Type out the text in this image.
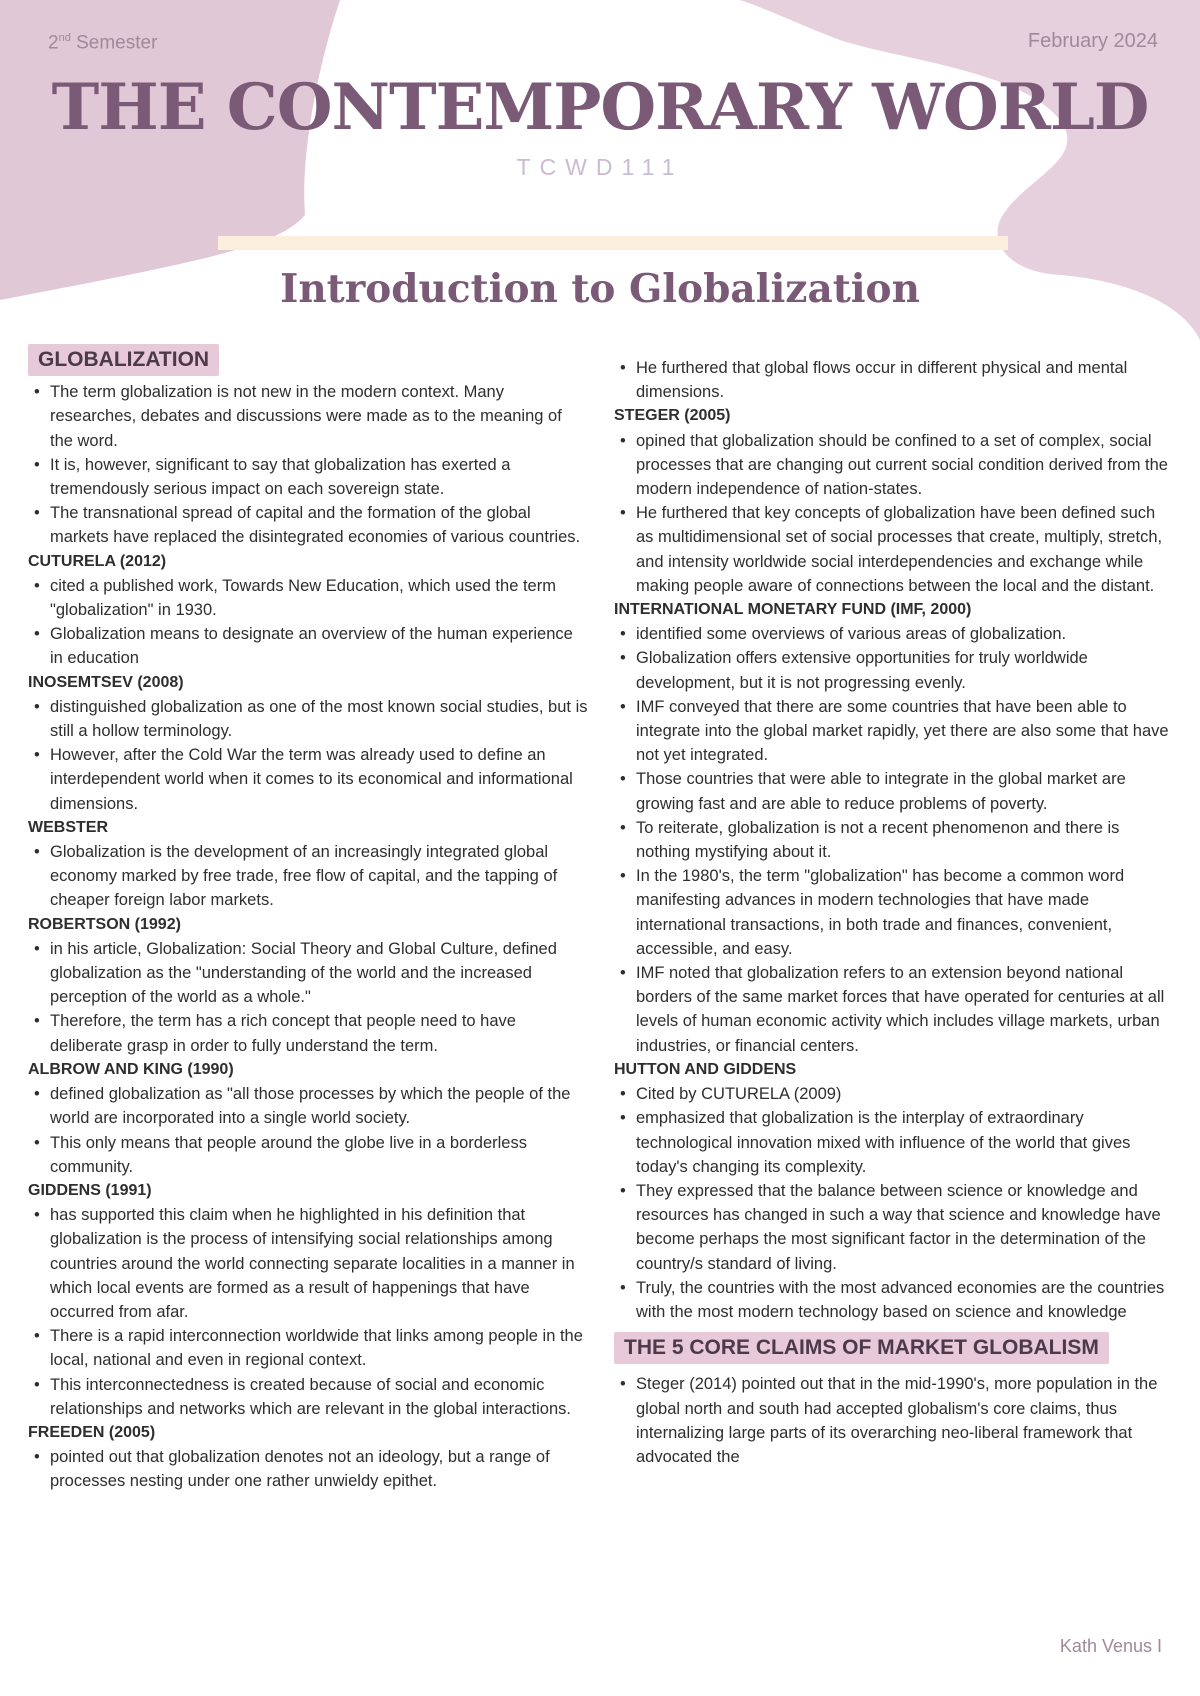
2nd Semester	February 2024
THE CONTEMPORARY WORLD
TCWD111
Introduction to Globalization
GLOBALIZATION
• The term globalization is not new in the modern context. Many researches, debates and discussions were made as to the meaning of the word.
• It is, however, significant to say that globalization has exerted a tremendously serious impact on each sovereign state.
• The transnational spread of capital and the formation of the global markets have replaced the disintegrated economies of various countries.
CUTURELA (2012)
• cited a published work, Towards New Education, which used the term "globalization" in 1930.
• Globalization means to designate an overview of the human experience in education
INOSEMTSEV (2008)
• distinguished globalization as one of the most known social studies, but is still a hollow terminology.
• However, after the Cold War the term was already used to define an interdependent world when it comes to its economical and informational dimensions.
WEBSTER
• Globalization is the development of an increasingly integrated global economy marked by free trade, free flow of capital, and the tapping of cheaper foreign labor markets.
ROBERTSON (1992)
• in his article, Globalization: Social Theory and Global Culture, defined globalization as the "understanding of the world and the increased perception of the world as a whole."
• Therefore, the term has a rich concept that people need to have deliberate grasp in order to fully understand the term.
ALBROW AND KING (1990)
• defined globalization as "all those processes by which the people of the world are incorporated into a single world society.
• This only means that people around the globe live in a borderless community.
GIDDENS (1991)
• has supported this claim when he highlighted in his definition that globalization is the process of intensifying social relationships among countries around the world connecting separate localities in a manner in which local events are formed as a result of happenings that have occurred from afar.
• There is a rapid interconnection worldwide that links among people in the local, national and even in regional context.
• This interconnectedness is created because of social and economic relationships and networks which are relevant in the global interactions.
FREEDEN (2005)
• pointed out that globalization denotes not an ideology, but a range of processes nesting under one rather unwieldy epithet.
• He furthered that global flows occur in different physical and mental dimensions.
STEGER (2005)
• opined that globalization should be confined to a set of complex, social processes that are changing out current social condition derived from the modern independence of nation-states.
• He furthered that key concepts of globalization have been defined such as multidimensional set of social processes that create, multiply, stretch, and intensity worldwide social interdependencies and exchange while making people aware of connections between the local and the distant.
INTERNATIONAL MONETARY FUND (IMF, 2000)
• identified some overviews of various areas of globalization.
• Globalization offers extensive opportunities for truly worldwide development, but it is not progressing evenly.
• IMF conveyed that there are some countries that have been able to integrate into the global market rapidly, yet there are also some that have not yet integrated.
• Those countries that were able to integrate in the global market are growing fast and are able to reduce problems of poverty.
• To reiterate, globalization is not a recent phenomenon and there is nothing mystifying about it.
• In the 1980's, the term "globalization" has become a common word manifesting advances in modern technologies that have made international transactions, in both trade and finances, convenient, accessible, and easy.
• IMF noted that globalization refers to an extension beyond national borders of the same market forces that have operated for centuries at all levels of human economic activity which includes village markets, urban industries, or financial centers.
HUTTON AND GIDDENS
• Cited by CUTURELA (2009)
• emphasized that globalization is the interplay of extraordinary technological innovation mixed with influence of the world that gives today's changing its complexity.
• They expressed that the balance between science or knowledge and resources has changed in such a way that science and knowledge have become perhaps the most significant factor in the determination of the country/s standard of living.
• Truly, the countries with the most advanced economies are the countries with the most modern technology based on science and knowledge
THE 5 CORE CLAIMS OF MARKET GLOBALISM
• Steger (2014) pointed out that in the mid-1990's, more population in the global north and south had accepted globalism's core claims, thus internalizing large parts of its overarching neo-liberal framework that advocated the
Kath Venus I
